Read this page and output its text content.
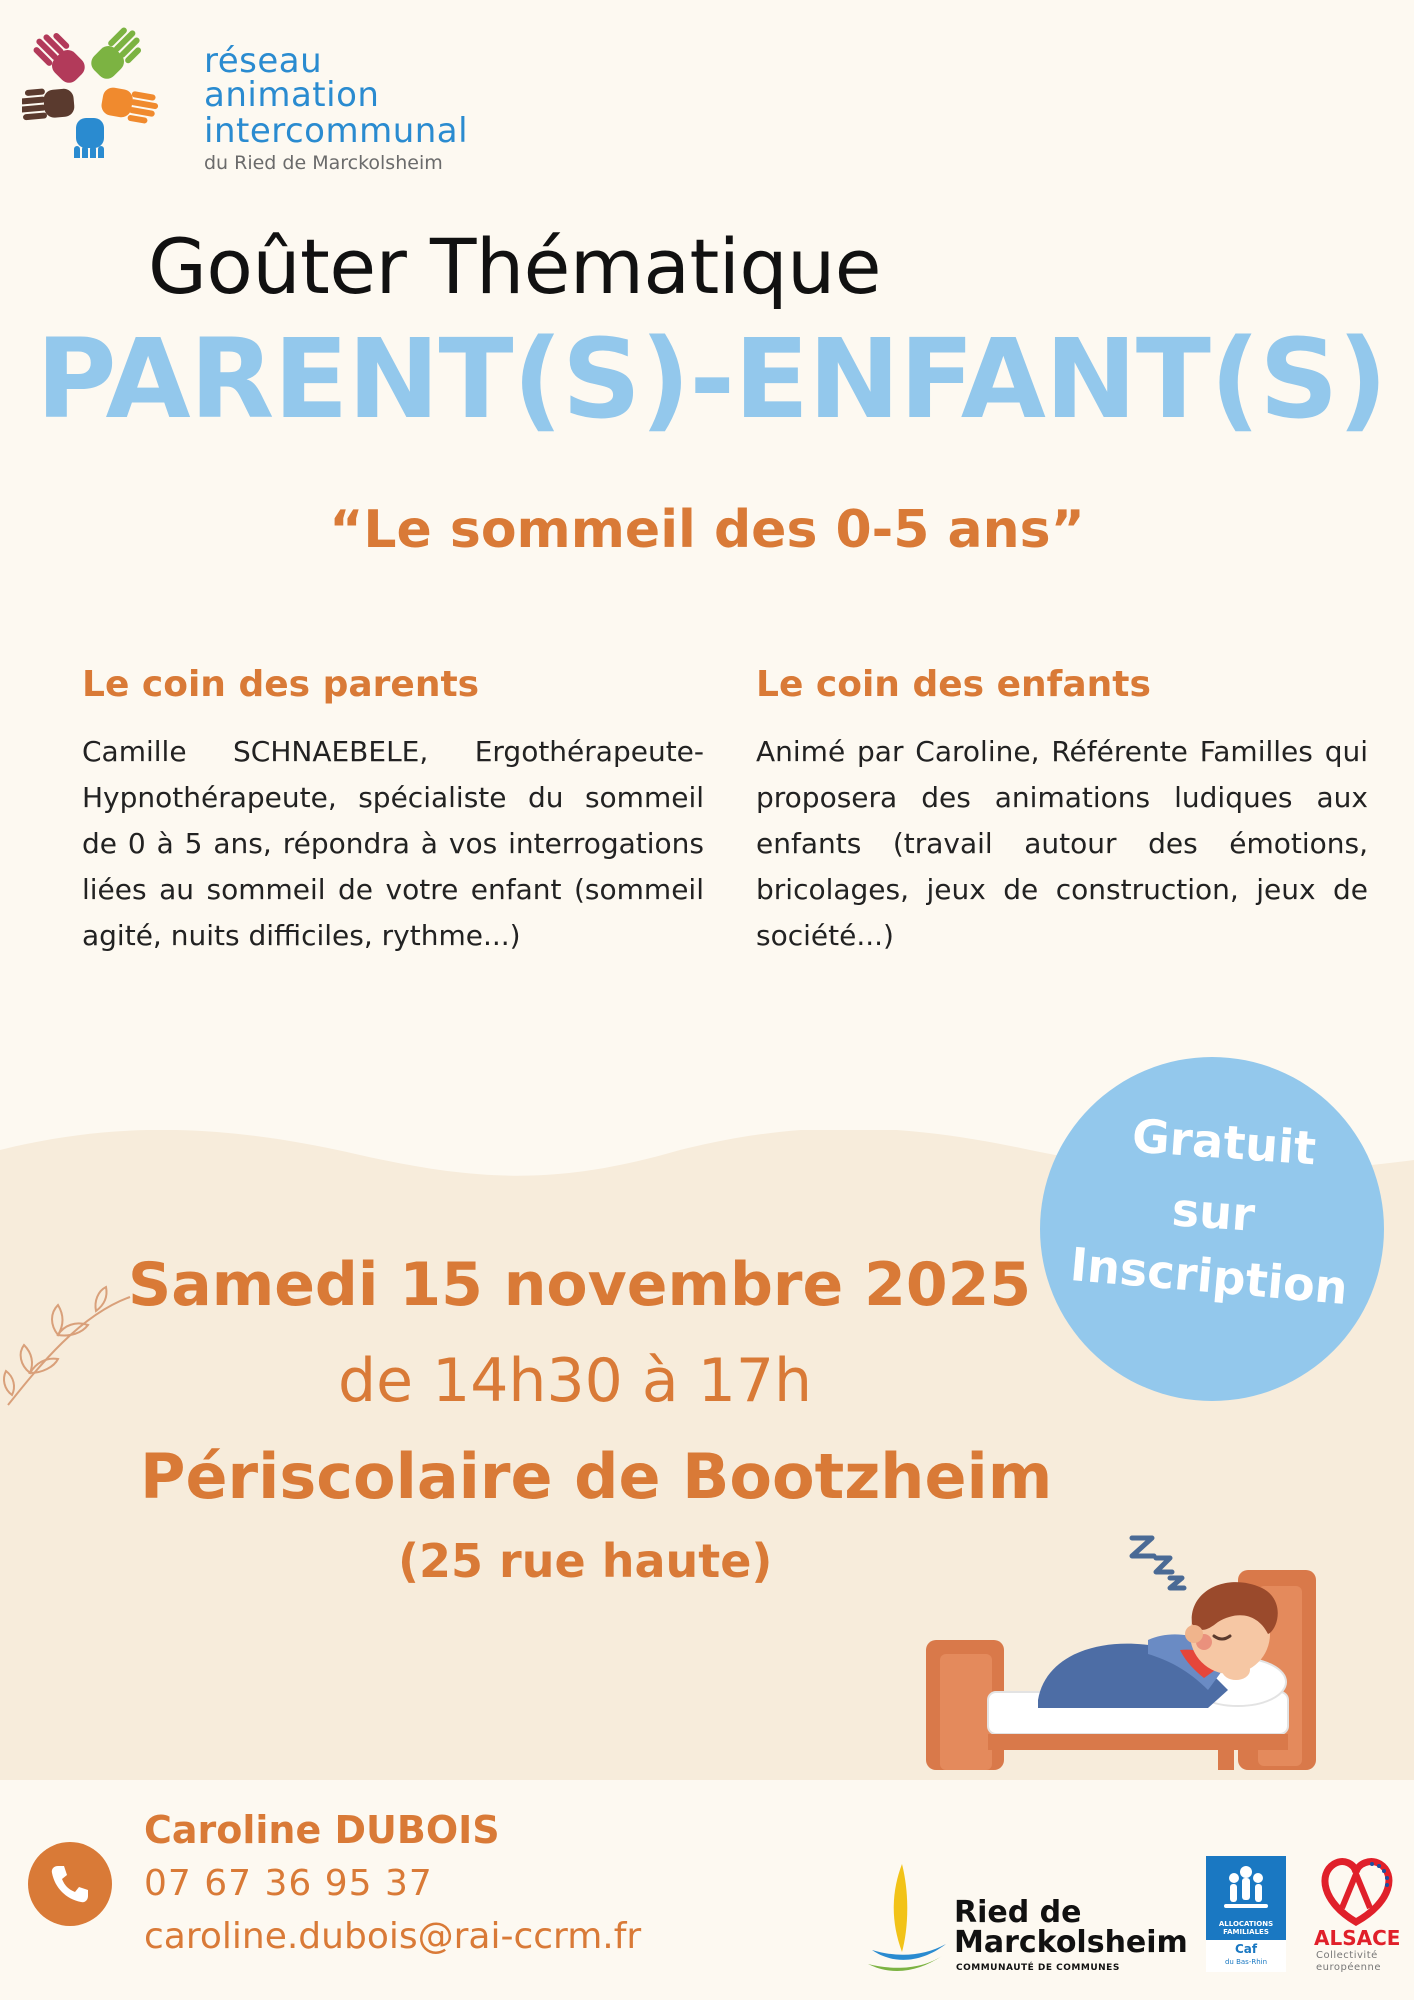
réseau animation
intercommunal
du Ried de Marckolsheim
Goûter Thématique
PARENT(S)-ENFANT(S)
“Le sommeil des 0-5 ans”
Le coin des parents

Camille SCHNAEBELE, Ergothérapeute-Hypnothérapeute, spécialiste du sommeil de 0 à 5 ans, répondra à vos interrogations liées au sommeil de votre enfant (sommeil agité, nuits difficiles, rythme...)

Le coin des enfants

Animé par Caroline, Référente Familles qui proposera des animations ludiques aux enfants (travail autour des émotions, bricolages, jeux de construction, jeux de société...)

Gratuit
sur
Inscription
Samedi 15 novembre 2025
de 14h30 à 17h
Périscolaire de Bootzheim
(25 rue haute)
Caroline DUBOIS
07 67 36 95 37
caroline.dubois@rai-ccrm.fr
Ried de
Marckolsheim
COMMUNAUTÉ DE COMMUNES
ALLOCATIONS FAMILIALES
Caf
du Bas-Rhin
ALSACE
Collectivité
européenne
